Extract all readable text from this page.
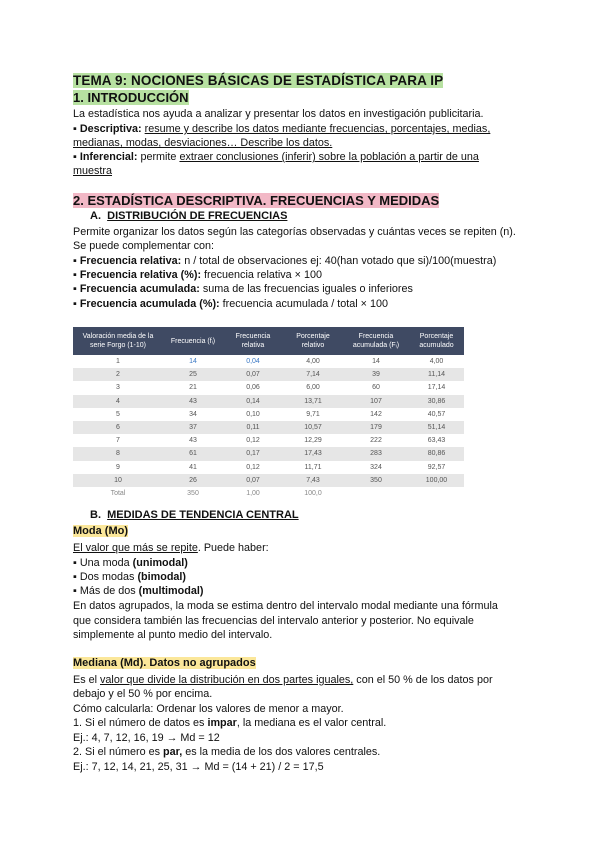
TEMA 9: NOCIONES BÁSICAS DE ESTADÍSTICA PARA IP
1. INTRODUCCIÓN
La estadística nos ayuda a analizar y presentar los datos en investigación publicitaria.
▪ Descriptiva: resume y describe los datos mediante frecuencias, porcentajes, medias,
medianas, modas, desviaciones… Describe los datos.
▪ Inferencial: permite extraer conclusiones (inferir) sobre la población a partir de una
muestra
2. ESTADÍSTICA DESCRIPTIVA. FRECUENCIAS Y MEDIDAS
A. DISTRIBUCIÓN DE FRECUENCIAS
Permite organizar los datos según las categorías observadas y cuántas veces se repiten (n).
Se puede complementar con:
▪ Frecuencia relativa: n / total de observaciones ej: 40(han votado que si)/100(muestra)
▪ Frecuencia relativa (%): frecuencia relativa × 100
▪ Frecuencia acumulada: suma de las frecuencias iguales o inferiores
▪ Frecuencia acumulada (%): frecuencia acumulada / total × 100
Valoración media de la serie Forgo (1-10)	Frecuencia (fᵢ)	Frecuencia relativa	Porcentaje relativo	Frecuencia acumulada (Fᵢ)	Porcentaje acumulado
1	14	0,04	4,00	14	4,00
2	25	0,07	7,14	39	11,14
3	21	0,06	6,00	60	17,14
4	43	0,14	13,71	107	30,86
5	34	0,10	9,71	142	40,57
6	37	0,11	10,57	179	51,14
7	43	0,12	12,29	222	63,43
8	61	0,17	17,43	283	80,86
9	41	0,12	11,71	324	92,57
10	26	0,07	7,43	350	100,00
Total	350	1,00	100,0		
B. MEDIDAS DE TENDENCIA CENTRAL
Moda (Mo)
El valor que más se repite. Puede haber:
▪ Una moda (unimodal)
▪ Dos modas (bimodal)
▪ Más de dos (multimodal)
En datos agrupados, la moda se estima dentro del intervalo modal mediante una fórmula
que considera también las frecuencias del intervalo anterior y posterior. No equivale
simplemente al punto medio del intervalo.
Mediana (Md). Datos no agrupados
Es el valor que divide la distribución en dos partes iguales, con el 50 % de los datos por
debajo y el 50 % por encima.
Cómo calcularla: Ordenar los valores de menor a mayor.
1. Si el número de datos es impar, la mediana es el valor central.
Ej.: 4, 7, 12, 16, 19 → Md = 12
2. Si el número es par, es la media de los dos valores centrales.
Ej.: 7, 12, 14, 21, 25, 31 → Md = (14 + 21) / 2 = 17,5
